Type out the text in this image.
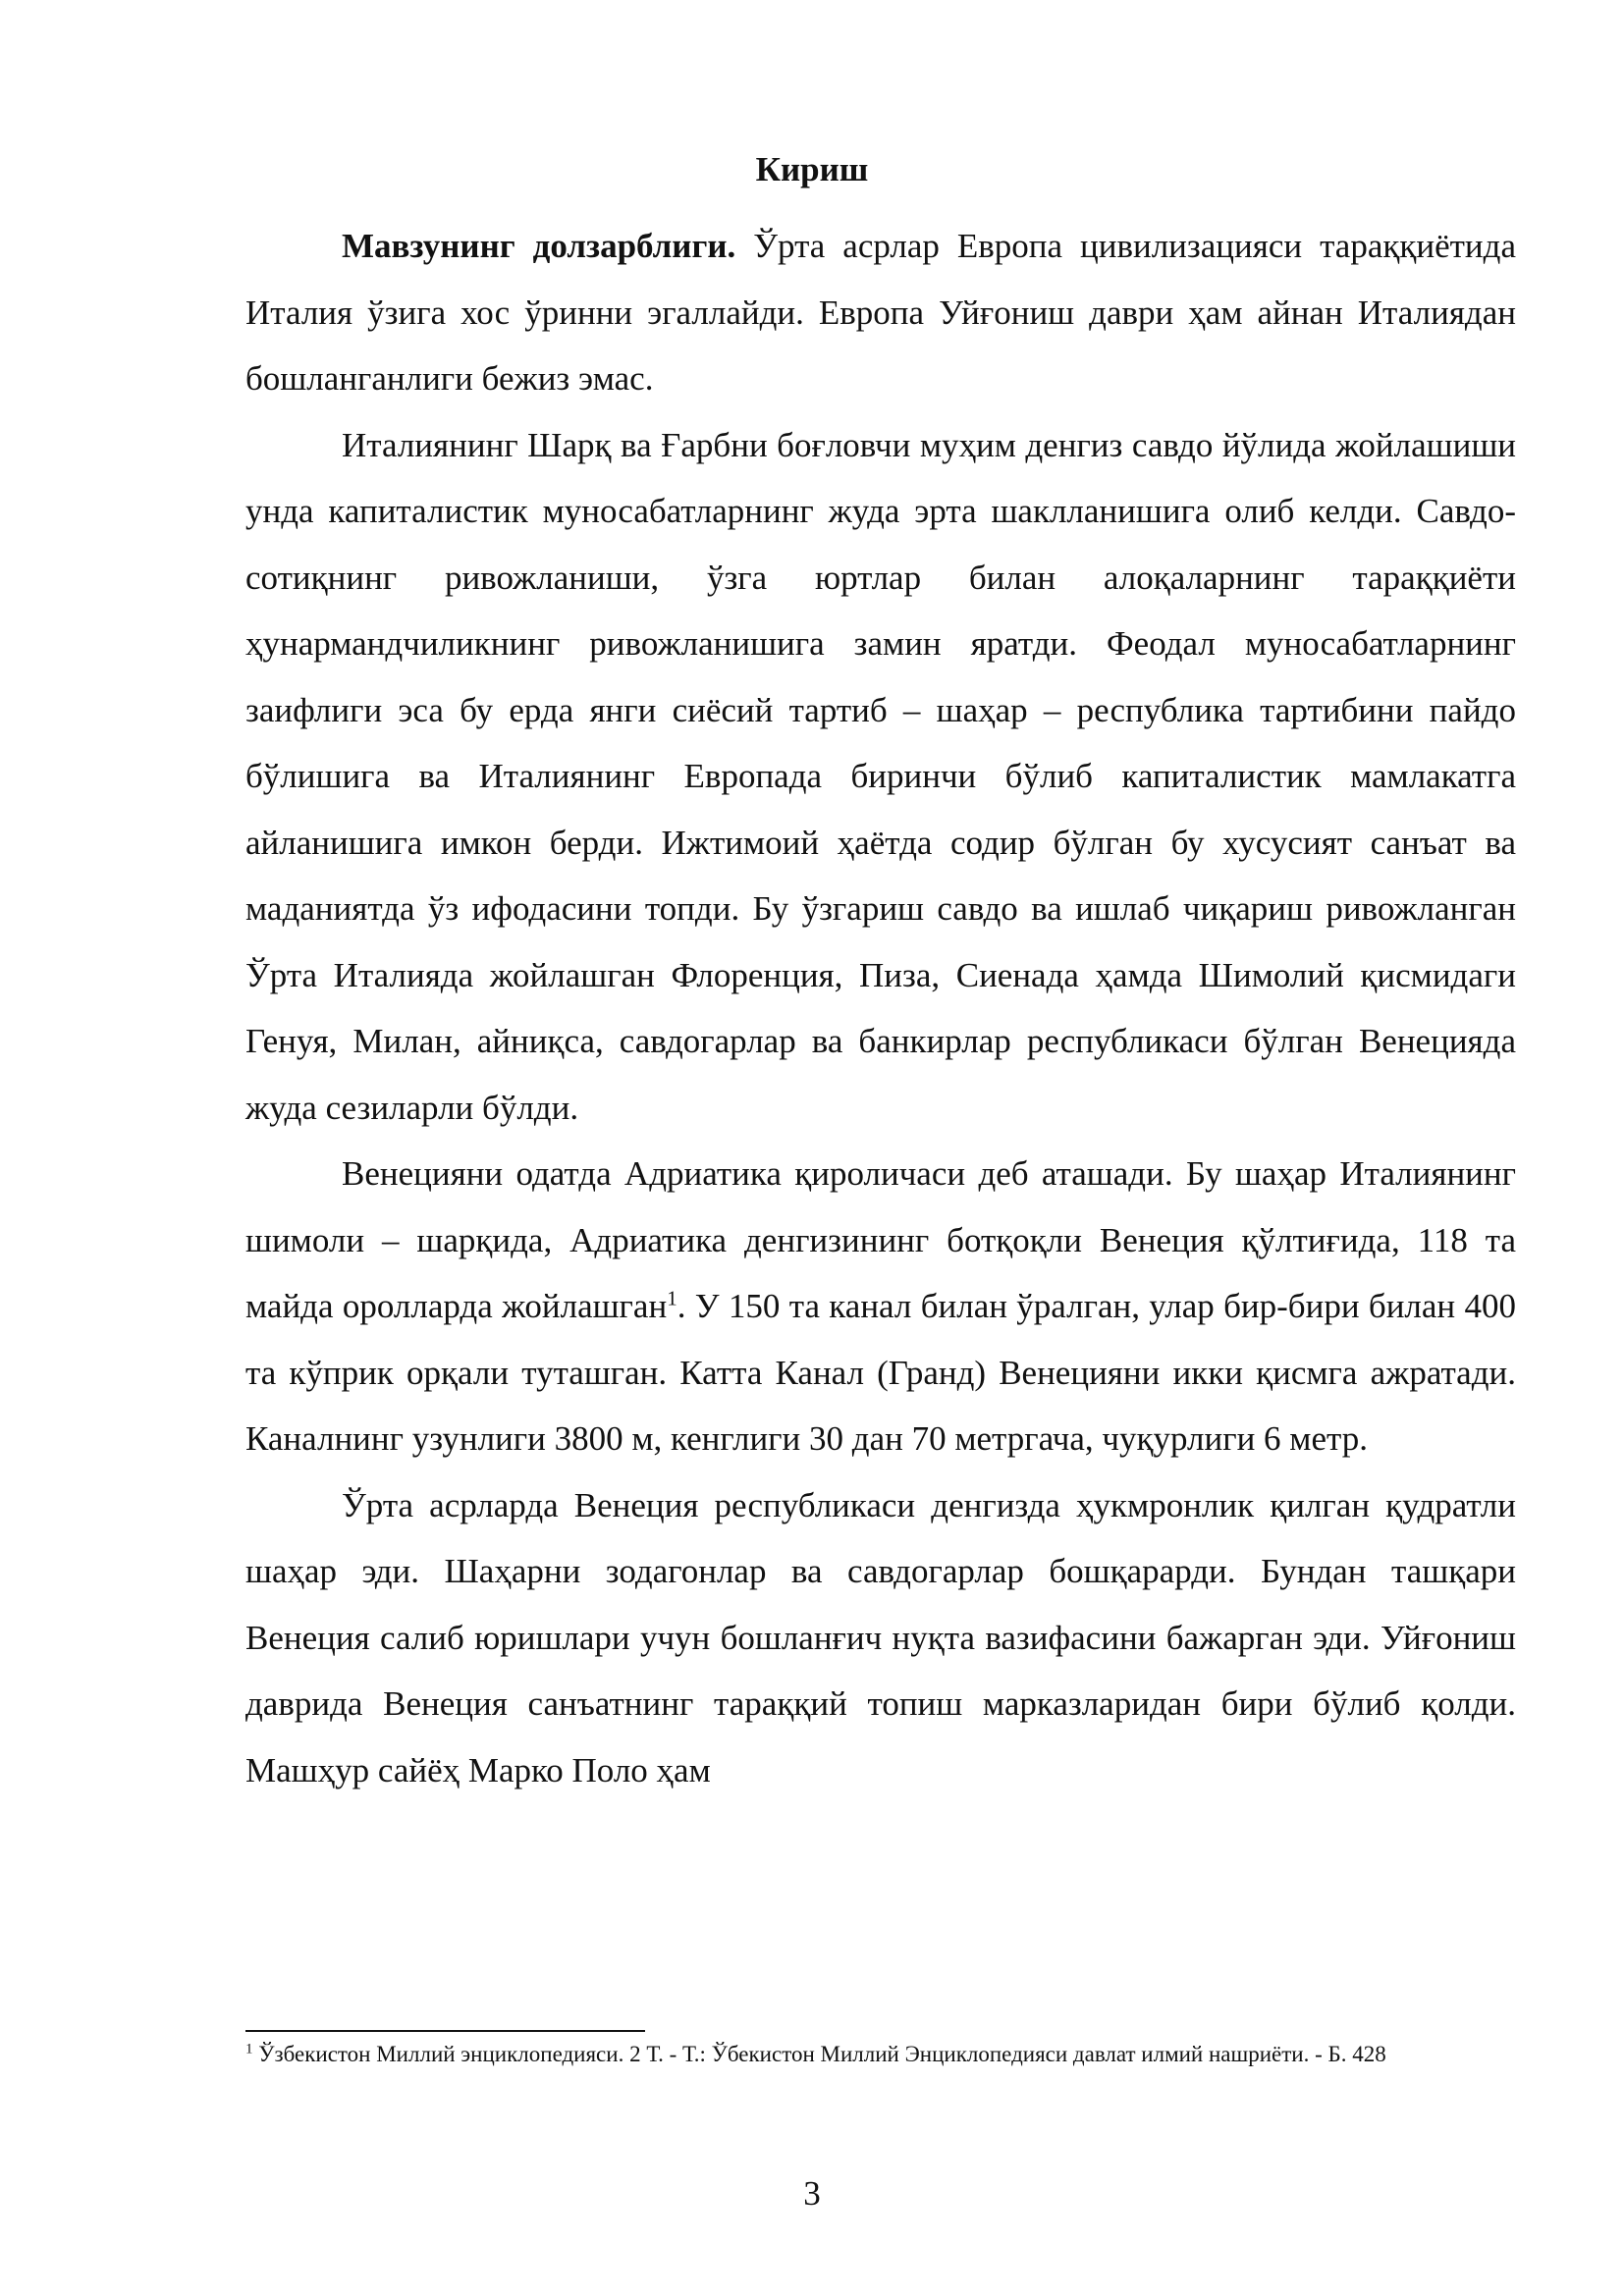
Кириш

Мавзунинг долзарблиги. Ўрта асрлар Европа цивилизацияси тараққиётида Италия ўзига хос ўринни эгаллайди. Европа Уйғониш даври ҳам айнан Италиядан бошланганлиги бежиз эмас.

Италиянинг Шарқ ва Ғарбни боғловчи муҳим денгиз савдо йўлида жойлашиши унда капиталистик муносабатларнинг жуда эрта шаклланишига олиб келди. Савдо-сотиқнинг ривожланиши, ўзга юртлар билан алоқаларнинг тараққиёти ҳунармандчиликнинг ривожланишига замин яратди. Феодал муносабатларнинг заифлиги эса бу ерда янги сиёсий тартиб – шаҳар – республика тартибини пайдо бўлишига ва Италиянинг Европада биринчи бўлиб капиталистик мамлакатга айланишига имкон берди. Ижтимоий ҳаётда содир бўлган бу хусусият санъат ва маданиятда ўз ифодасини топди. Бу ўзгариш савдо ва ишлаб чиқариш ривожланган Ўрта Италияда жойлашган Флоренция, Пиза, Сиенада ҳамда Шимолий қисмидаги Генуя, Милан, айниқса, савдогарлар ва банкирлар республикаси бўлган Венецияда жуда сезиларли бўлди.

Венецияни одатда Адриатика қироличаси деб аташади. Бу шаҳар Италиянинг шимоли – шарқида, Адриатика денгизининг ботқоқли Венеция қўлтиғида, 118 та майда оролларда жойлашган$^1$. У 150 та канал билан ўралган, улар бир-бири билан 400 та кўприк орқали туташган. Катта Канал (Гранд) Венецияни икки қисмга ажратади. Каналнинг узунлиги 3800 м, кенглиги 30 дан 70 метргача, чуқурлиги 6 метр.

Ўрта асрларда Венеция республикаси денгизда ҳукмронлик қилган қудратли шаҳар эди. Шаҳарни зодагонлар ва савдогарлар бошқарарди. Бундан ташқари Венеция салиб юришлари учун бошланғич нуқта вазифасини бажарган эди. Уйғониш даврида Венеция санъатнинг тараққий топиш марказларидан бири бўлиб қолди. Машҳур сайёҳ Марко Поло ҳам

$^1$ Ўзбекистон Миллий энциклопедияси. 2 Т. - Т.: Ўбекистон Миллий Энциклопедияси давлат илмий нашриёти. - Б. 428
3
